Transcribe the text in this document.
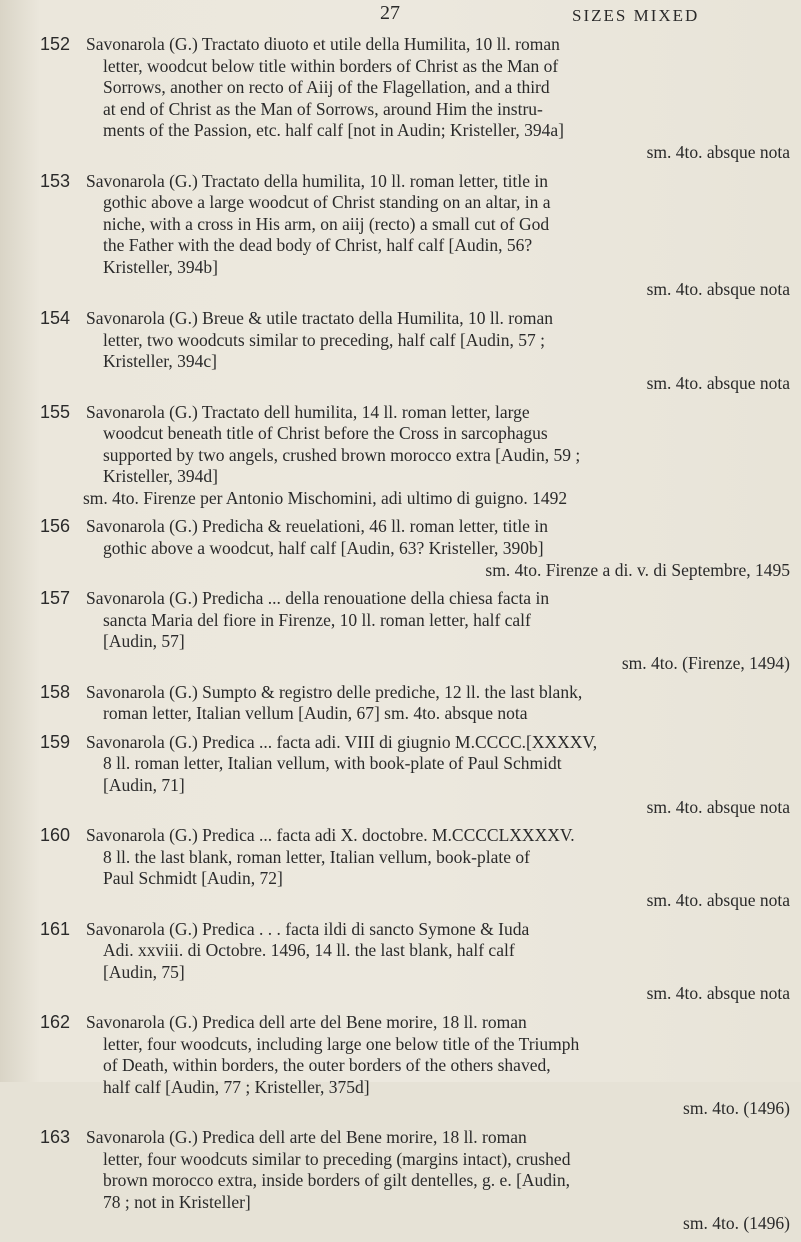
27	SIZES MIXED
152 Savonarola (G.) Tractato diuoto et utile della Humilita, 10 ll. roman
letter, woodcut below title within borders of Christ as the Man of
Sorrows, another on recto of Aiij of the Flagellation, and a third
at end of Christ as the Man of Sorrows, around Him the instru-
ments of the Passion, etc. half calf [not in Audin; Kristeller, 394a]
sm. 4to. absque nota
153 Savonarola (G.) Tractato della humilita, 10 ll. roman letter, title in
gothic above a large woodcut of Christ standing on an altar, in a
niche, with a cross in His arm, on aiij (recto) a small cut of God
the Father with the dead body of Christ, half calf [Audin, 56?
Kristeller, 394b]
sm. 4to. absque nota
154 Savonarola (G.) Breue & utile tractato della Humilita, 10 ll. roman
letter, two woodcuts similar to preceding, half calf [Audin, 57 ;
Kristeller, 394c]
sm. 4to. absque nota
155 Savonarola (G.) Tractato dell humilita, 14 ll. roman letter, large
woodcut beneath title of Christ before the Cross in sarcophagus
supported by two angels, crushed brown morocco extra [Audin, 59 ;
Kristeller, 394d]
sm. 4to. Firenze per Antonio Mischomini, adi ultimo di guigno. 1492
156 Savonarola (G.) Predicha & reuelationi, 46 ll. roman letter, title in
gothic above a woodcut, half calf [Audin, 63? Kristeller, 390b]
sm. 4to. Firenze a di. v. di Septembre, 1495
157 Savonarola (G.) Predicha ... della renouatione della chiesa facta in
sancta Maria del fiore in Firenze, 10 ll. roman letter, half calf
[Audin, 57]
sm. 4to. (Firenze, 1494)
158 Savonarola (G.) Sumpto & registro delle prediche, 12 ll. the last blank,
roman letter, Italian vellum [Audin, 67] sm. 4to. absque nota
159 Savonarola (G.) Predica ... facta adi. VIII di giugnio M.CCCC.[XXXXV,
8 ll. roman letter, Italian vellum, with book-plate of Paul Schmidt
[Audin, 71]
sm. 4to. absque nota
160 Savonarola (G.) Predica ... facta adi X. doctobre. M.CCCCLXXXXV.
8 ll. the last blank, roman letter, Italian vellum, book-plate of
Paul Schmidt [Audin, 72]
sm. 4to. absque nota
161 Savonarola (G.) Predica . . . facta ildi di sancto Symone & Iuda
Adi. xxviii. di Octobre. 1496, 14 ll. the last blank, half calf
[Audin, 75]
sm. 4to. absque nota
162 Savonarola (G.) Predica dell arte del Bene morire, 18 ll. roman
letter, four woodcuts, including large one below title of the Triumph
of Death, within borders, the outer borders of the others shaved,
half calf [Audin, 77 ; Kristeller, 375d]
sm. 4to. (1496)
163 Savonarola (G.) Predica dell arte del Bene morire, 18 ll. roman
letter, four woodcuts similar to preceding (margins intact), crushed
brown morocco extra, inside borders of gilt dentelles, g. e. [Audin,
78 ; not in Kristeller]
sm. 4to. (1496)
